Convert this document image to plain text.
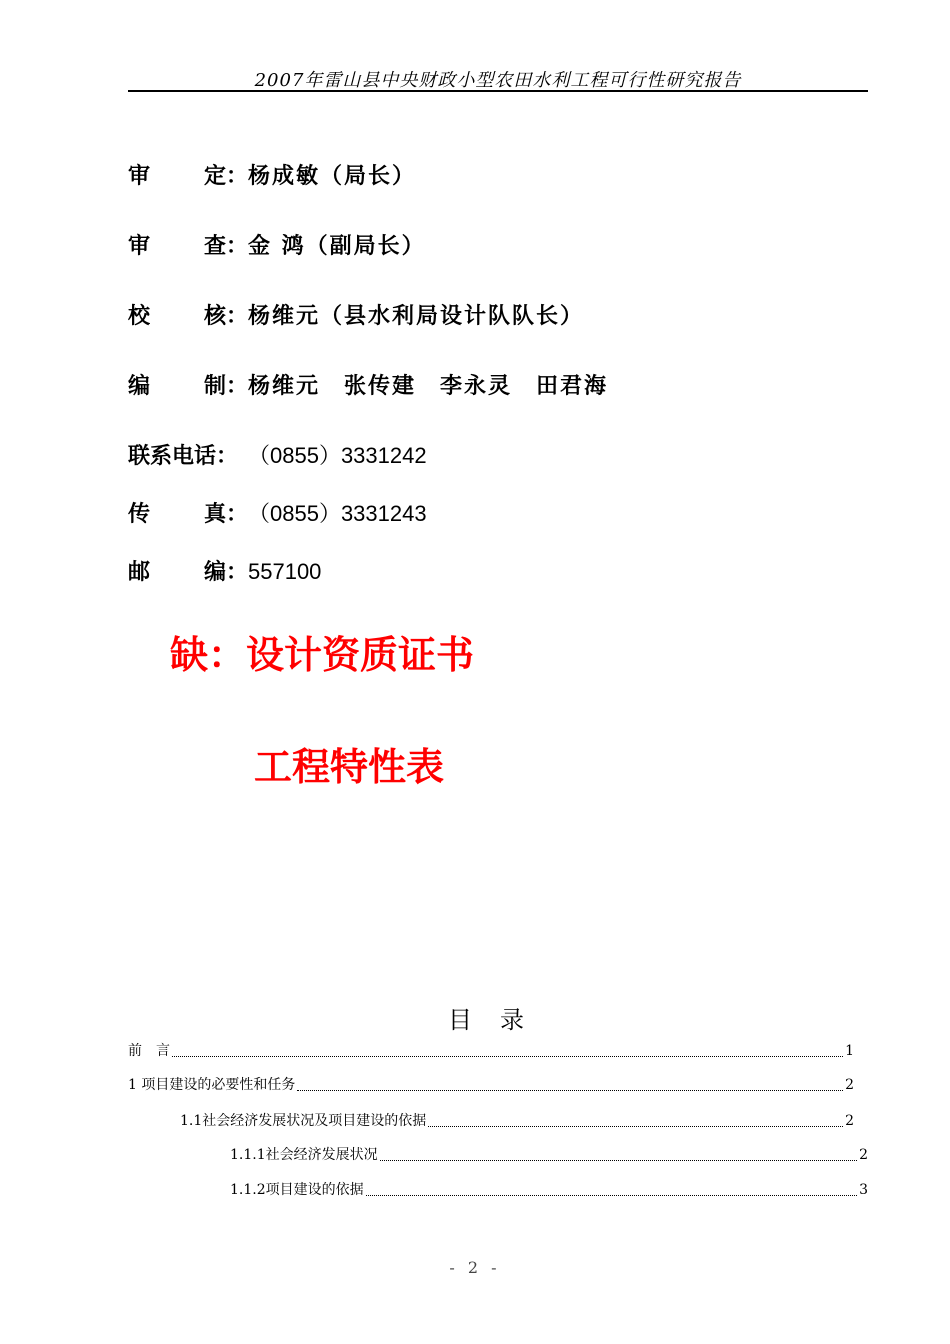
2007年雷山县中央财政小型农田水利工程可行性研究报告
审 定 ：	杨成敏（局长）
审 查 ：	金 鸿（副局长）
校 核 ：	杨维元（县水利局设计队队长）
编 制 ：	杨维元　张传建　李永灵　田君海
联系电话 ： （0855）3331242
传 真 ：	（0855）3331243
邮 编 ：	557100
缺：设计资质证书
工程特性表
目录
前　言	1
1 项目建设的必要性和任务	2
1.1社会经济发展状况及项目建设的依据	2
1.1.1社会经济发展状况	2
1.1.2项目建设的依据	3
- 2 -
